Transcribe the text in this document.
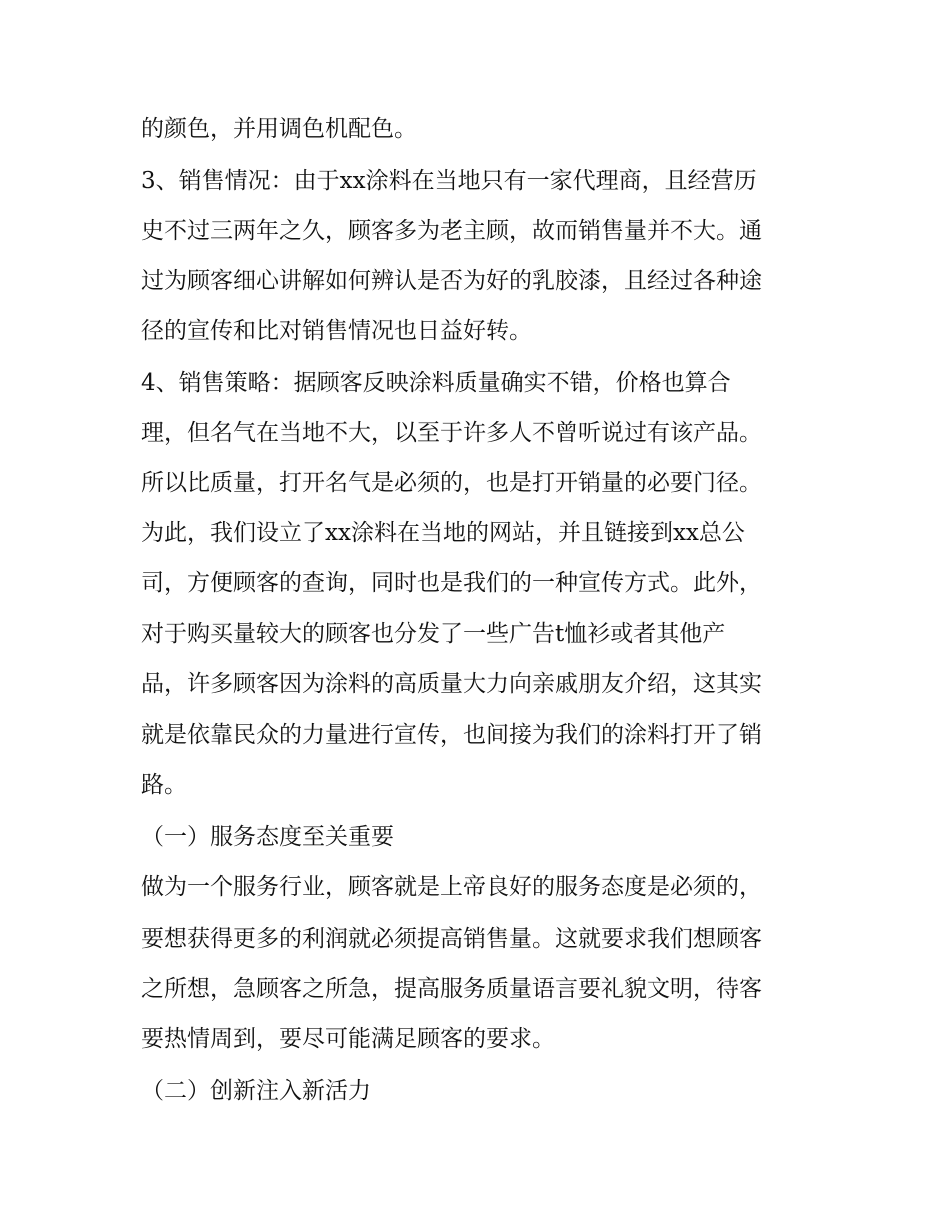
的颜色，并用调色机配色。
3、销售情况：由于xx涂料在当地只有一家代理商，且经营历
史不过三两年之久，顾客多为老主顾，故而销售量并不大。通
过为顾客细心讲解如何辨认是否为好的乳胶漆，且经过各种途
径的宣传和比对销售情况也日益好转。
4、销售策略：据顾客反映涂料质量确实不错，价格也算合
理，但名气在当地不大，以至于许多人不曾听说过有该产品。
所以比质量，打开名气是必须的，也是打开销量的必要门径。
为此，我们设立了xx涂料在当地的网站，并且链接到xx总公
司，方便顾客的查询，同时也是我们的一种宣传方式。此外，
对于购买量较大的顾客也分发了一些广告t恤衫或者其他产
品，许多顾客因为涂料的高质量大力向亲戚朋友介绍，这其实
就是依靠民众的力量进行宣传，也间接为我们的涂料打开了销
路。
（一）服务态度至关重要
做为一个服务行业，顾客就是上帝良好的服务态度是必须的，
要想获得更多的利润就必须提高销售量。这就要求我们想顾客
之所想，急顾客之所急，提高服务质量语言要礼貌文明，待客
要热情周到，要尽可能满足顾客的要求。
（二）创新注入新活力
